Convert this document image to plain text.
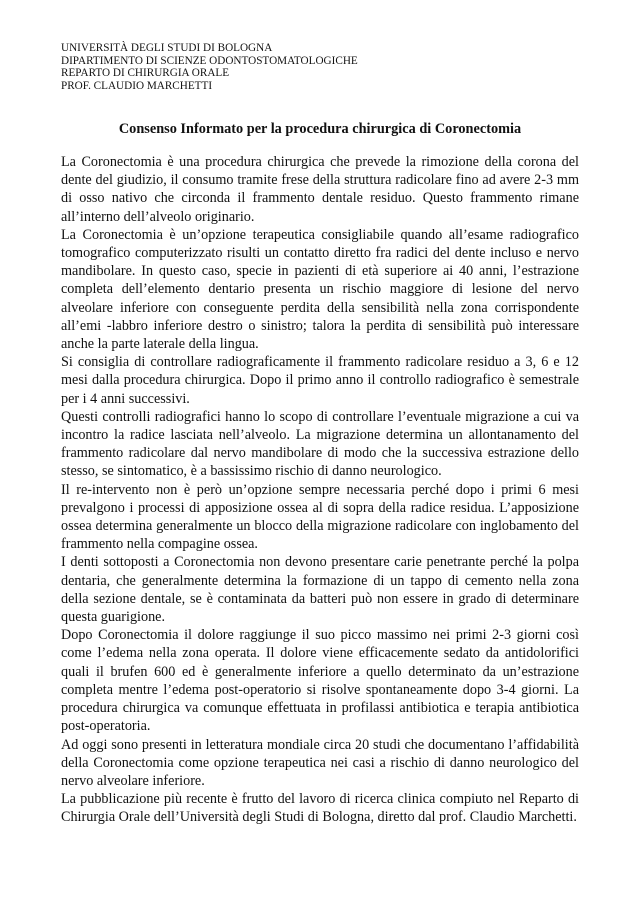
UNIVERSITÀ DEGLI STUDI DI BOLOGNA
DIPARTIMENTO DI SCIENZE ODONTOSTOMATOLOGICHE
REPARTO DI CHIRURGIA ORALE
PROF. CLAUDIO MARCHETTI
Consenso Informato per la procedura chirurgica di Coronectomia

La Coronectomia è una procedura chirurgica che prevede la rimozione della corona del dente del giudizio, il consumo tramite frese della struttura radicolare fino ad avere 2-3 mm di osso nativo che circonda il frammento dentale residuo. Questo frammento rimane all’interno dell’alveolo originario.

La Coronectomia è un’opzione terapeutica consigliabile quando all’esame radiografico tomografico computerizzato risulti un contatto diretto fra radici del dente incluso e nervo mandibolare. In questo caso, specie in pazienti di età superiore ai 40 anni, l’estrazione completa dell’elemento dentario presenta un rischio maggiore di lesione del nervo alveolare inferiore con conseguente perdita della sensibilità nella zona corrispondente all’emi -labbro inferiore destro o sinistro; talora la perdita di sensibilità può interessare anche la parte laterale della lingua.

Si consiglia di controllare radiograficamente il frammento radicolare residuo a 3, 6 e 12 mesi dalla procedura chirurgica. Dopo il primo anno il controllo radiografico è semestrale per i 4 anni successivi.

Questi controlli radiografici hanno lo scopo di controllare l’eventuale migrazione a cui va incontro la radice lasciata nell’alveolo. La migrazione determina un allontanamento del frammento radicolare dal nervo mandibolare di modo che la successiva estrazione dello stesso, se sintomatico, è a bassissimo rischio di danno neurologico.

Il re-intervento non è però un’opzione sempre necessaria perché dopo i primi 6 mesi prevalgono i processi di apposizione ossea al di sopra della radice residua. L’apposizione ossea determina generalmente un blocco della migrazione radicolare con inglobamento del frammento nella compagine ossea.

I denti sottoposti a Coronectomia non devono presentare carie penetrante perché la polpa dentaria, che generalmente determina la formazione di un tappo di cemento nella zona della sezione dentale, se è contaminata da batteri può non essere in grado di determinare questa guarigione.

Dopo Coronectomia il dolore raggiunge il suo picco massimo nei primi 2-3 giorni così come l’edema nella zona operata. Il dolore viene efficacemente sedato da antidolorifici quali il brufen 600 ed è generalmente inferiore a quello determinato da un’estrazione completa mentre l’edema post-operatorio si risolve spontaneamente dopo 3-4 giorni. La procedura chirurgica va comunque effettuata in profilassi antibiotica e terapia antibiotica post-operatoria.

Ad oggi sono presenti in letteratura mondiale circa 20 studi che documentano l’affidabilità della Coronectomia come opzione terapeutica nei casi a rischio di danno neurologico del nervo alveolare inferiore.

La pubblicazione più recente è frutto del lavoro di ricerca clinica compiuto nel Reparto di Chirurgia Orale dell’Università degli Studi di Bologna, diretto dal prof. Claudio Marchetti.
